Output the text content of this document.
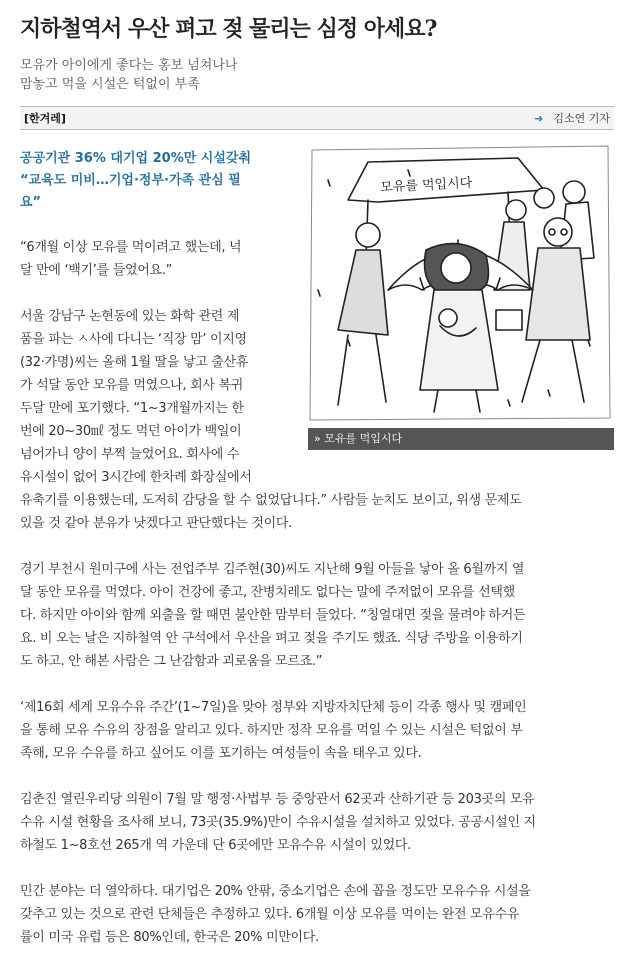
지하철역서 우산 펴고 젖 물리는 심정 아세요?
모유가 아이에게 좋다는 홍보 넘쳐나나
맘놓고 먹을 시설은 턱없이 부족
[한겨레]	➜ 김소연 기자
공공기관 36% 대기업 20%만 시설갖춰
“교육도 미비…기업·정부·가족 관심 필
요”
모유를 먹입시다
» 모유를 먹입시다
“6개월 이상 모유를 먹이려고 했는데, 넉
달 만에 ‘백기’를 들었어요.”
서울 강남구 논현동에 있는 화학 관련 제
품을 파는 ㅅ사에 다니는 ‘직장 맘’ 이지영
(32·가명)씨는 올해 1월 딸을 낳고 출산휴
가 석달 동안 모유를 먹였으나, 회사 복귀
두달 만에 포기했다. “1~3개월까지는 한
번에 20~30㎖ 정도 먹던 아이가 백일이
넘어가니 양이 부쩍 늘었어요. 회사에 수
유시설이 없어 3시간에 한차례 화장실에서
유축기를 이용했는데, 도저히 감당을 할 수 없었답니다.” 사람들 눈치도 보이고, 위생 문제도
있을 것 같아 분유가 낫겠다고 판단했다는 것이다.
경기 부천시 원미구에 사는 전업주부 김주현(30)씨도 지난해 9월 아들을 낳아 올 6월까지 열
달 동안 모유를 먹였다. 아이 건강에 좋고, 잔병치레도 없다는 말에 주저없이 모유를 선택했
다. 하지만 아이와 함께 외출을 할 때면 불안한 맘부터 들었다. “칭얼대면 젖을 물려야 하거든
요. 비 오는 날은 지하철역 안 구석에서 우산을 펴고 젖을 주기도 했죠. 식당 주방을 이용하기
도 하고. 안 해본 사람은 그 난감함과 괴로움을 모르죠.”
‘제16회 세계 모유수유 주간’(1~7일)을 맞아 정부와 지방자치단체 등이 각종 행사 및 캠페인
을 통해 모유 수유의 장점을 알리고 있다. 하지만 정작 모유를 먹일 수 있는 시설은 턱없이 부
족해, 모유 수유를 하고 싶어도 이를 포기하는 여성들이 속을 태우고 있다.
김춘진 열린우리당 의원이 7월 말 행정·사법부 등 중앙관서 62곳과 산하기관 등 203곳의 모유
수유 시설 현황을 조사해 보니, 73곳(35.9%)만이 수유시설을 설치하고 있었다. 공공시설인 지
하철도 1~8호선 265개 역 가운데 단 6곳에만 모유수유 시설이 있었다.
민간 분야는 더 열악하다. 대기업은 20% 안팎, 중소기업은 손에 꼽을 정도만 모유수유 시설을
갖추고 있는 것으로 관련 단체들은 추정하고 있다. 6개월 이상 모유를 먹이는 완전 모유수유
률이 미국 유럽 등은 80%인데, 한국은 20% 미만이다.
